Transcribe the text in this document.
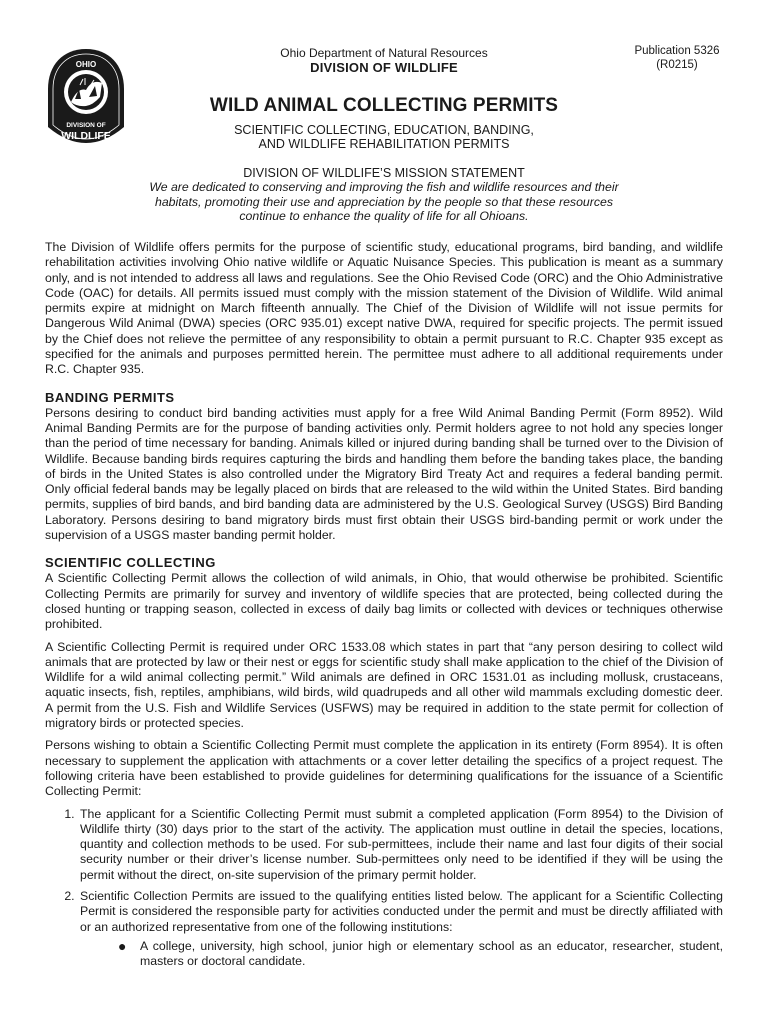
OHIO
DIVISION OF
WILDLIFE
Ohio Department of Natural Resources
DIVISION OF WILDLIFE
Publication 5326
(R0215)
WILD ANIMAL COLLECTING PERMITS
SCIENTIFIC COLLECTING, EDUCATION, BANDING,
AND WILDLIFE REHABILITATION PERMITS
DIVISION OF WILDLIFE’S MISSION STATEMENT
We are dedicated to conserving and improving the fish and wildlife resources and their
habitats, promoting their use and appreciation by the people so that these resources
continue to enhance the quality of life for all Ohioans.

The Division of Wildlife offers permits for the purpose of scientific study, educational programs, bird banding, and wildlife rehabilitation activities involving Ohio native wildlife or Aquatic Nuisance Species. This publication is meant as a summary only, and is not intended to address all laws and regulations. See the Ohio Revised Code (ORC) and the Ohio Administrative Code (OAC) for details. All permits issued must comply with the mission statement of the Division of Wildlife. Wild animal permits expire at midnight on March fifteenth annually. The Chief of the Division of Wildlife will not issue permits for Dangerous Wild Animal (DWA) species (ORC 935.01) except native DWA, required for specific projects. The permit issued by the Chief does not relieve the permittee of any responsibility to obtain a permit pursuant to R.C. Chapter 935 except as specified for the animals and purposes permitted herein. The permittee must adhere to all additional requirements under R.C. Chapter 935.

BANDING PERMITS

Persons desiring to conduct bird banding activities must apply for a free Wild Animal Banding Permit (Form 8952). Wild Animal Banding Permits are for the purpose of banding activities only. Permit holders agree to not hold any species longer than the period of time necessary for banding. Animals killed or injured during banding shall be turned over to the Division of Wildlife. Because banding birds requires capturing the birds and handling them before the banding takes place, the banding of birds in the United States is also controlled under the Migratory Bird Treaty Act and requires a federal banding permit. Only official federal bands may be legally placed on birds that are released to the wild within the United States. Bird banding permits, supplies of bird bands, and bird banding data are administered by the U.S. Geological Survey (USGS) Bird Banding Laboratory. Persons desiring to band migratory birds must first obtain their USGS bird-banding permit or work under the supervision of a USGS master banding permit holder.

SCIENTIFIC COLLECTING

A Scientific Collecting Permit allows the collection of wild animals, in Ohio, that would otherwise be prohibited. Scientific Collecting Permits are primarily for survey and inventory of wildlife species that are protected, being collected during the closed hunting or trapping season, collected in excess of daily bag limits or collected with devices or techniques otherwise prohibited.

A Scientific Collecting Permit is required under ORC 1533.08 which states in part that “any person desiring to collect wild animals that are protected by law or their nest or eggs for scientific study shall make application to the chief of the Division of Wildlife for a wild animal collecting permit.” Wild animals are defined in ORC 1531.01 as including mollusk, crustaceans, aquatic insects, fish, reptiles, amphibians, wild birds, wild quadrupeds and all other wild mammals excluding domestic deer. A permit from the U.S. Fish and Wildlife Services (USFWS) may be required in addition to the state permit for collection of migratory birds or protected species.

Persons wishing to obtain a Scientific Collecting Permit must complete the application in its entirety (Form 8954). It is often necessary to supplement the application with attachments or a cover letter detailing the specifics of a project request. The following criteria have been established to provide guidelines for determining qualifications for the issuance of a Scientific Collecting Permit:

1. The applicant for a Scientific Collecting Permit must submit a completed application (Form 8954) to the Division of Wildlife thirty (30) days prior to the start of the activity. The application must outline in detail the species, locations, quantity and collection methods to be used. For sub-permittees, include their name and last four digits of their social security number or their driver’s license number. Sub-permittees only need to be identified if they will be using the permit without the direct, on-site supervision of the primary permit holder.
2. Scientific Collection Permits are issued to the qualifying entities listed below. The applicant for a Scientific Collecting Permit is considered the responsible party for activities conducted under the permit and must be directly affiliated with or an authorized representative from one of the following institutions:
● A college, university, high school, junior high or elementary school as an educator, researcher, student, masters or doctoral candidate.
